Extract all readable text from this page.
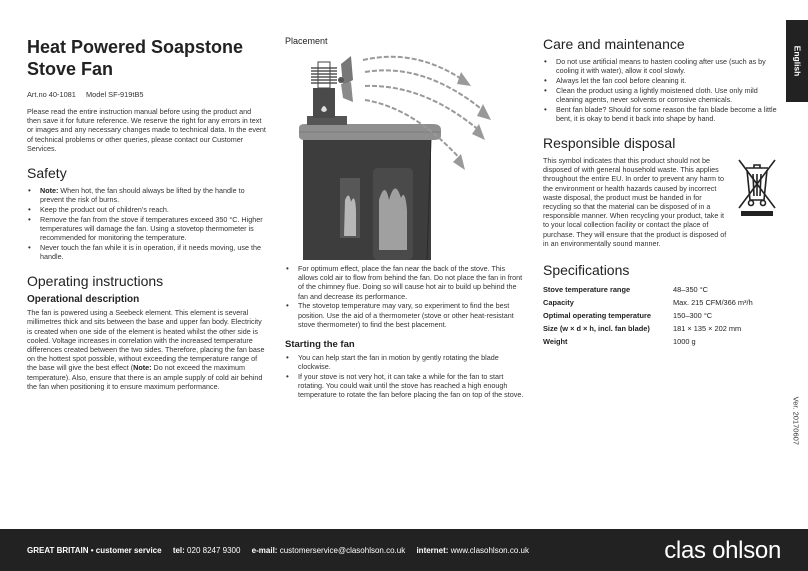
English
Heat Powered Soapstone Stove Fan
Art.no 40-1081 Model SF-919tB5

Please read the entire instruction manual before using the product and then save it for future reference. We reserve the right for any errors in text or images and any necessary changes made to technical data. In the event of technical problems or other queries, please contact our Customer Services.

Safety
• Note: When hot, the fan should always be lifted by the handle to prevent the risk of burns.
• Keep the product out of children’s reach.
• Remove the fan from the stove if temperatures exceed 350 °C. Higher temperatures will damage the fan. Using a stovetop thermometer is recommended for monitoring the temperature.
• Never touch the fan while it is in operation, if it needs moving, use the handle.
Operating instructions
Operational description

The fan is powered using a Seebeck element. This element is several millimetres thick and sits between the base and upper fan body. Electricity is created when one side of the element is heated whilst the other side is cooled. Voltage increases in correlation with the increased temperature differences created between the two sides. Therefore, placing the fan base on the hottest spot possible, without exceeding the temperature range of the base will give the best effect (Note: Do not exceed the maximum temperature). Also, ensure that there is an ample supply of cold air behind the fan when positioning it to ensure maximum performance.

Placement
• For optimum effect, place the fan near the back of the stove. This allows cold air to flow from behind the fan. Do not place the fan in front of the chimney flue. Doing so will cause hot air to build up behind the fan and decrease its performance.
• The stovetop temperature may vary, so experiment to find the best position. Use the aid of a thermometer (stove or other heat-resistant stove thermometer) to find the best placement.
Starting the fan
• You can help start the fan in motion by gently rotating the blade clockwise.
• If your stove is not very hot, it can take a while for the fan to start rotating. You could wait until the stove has reached a high enough temperature to rotate the fan before placing the fan on top of the stove.
Care and maintenance
• Do not use artificial means to hasten cooling after use (such as by cooling it with water), allow it cool slowly.
• Always let the fan cool before cleaning it.
• Clean the product using a lightly moistened cloth. Use only mild cleaning agents, never solvents or corrosive chemicals.
• Bent fan blade? Should for some reason the fan blade become a little bent, it is okay to bend it back into shape by hand.
Responsible disposal

This symbol indicates that this product should not be disposed of with general household waste. This applies throughout the entire EU. In order to prevent any harm to the environment or health hazards caused by incorrect waste disposal, the product must be handed in for recycling so that the material can be disposed of in a responsible manner. When recycling your product, take it to your local collection facility or contact the place of purchase. They will ensure that the product is disposed of in an environmentally sound manner.

Specifications
Stove temperature range	48–350 °C
Capacity	Max. 215 CFM/366 m³/h
Optimal operating temperature	150–300 °C
Size (w × d × h, incl. fan blade)	181 × 135 × 202 mm
Weight	1000 g
Ver. 20170607
GREAT BRITAIN • customer service tel: 020 8247 9300 e-mail: customerservice@clasohlson.co.uk internet: www.clasohlson.co.uk	clas ohlson
